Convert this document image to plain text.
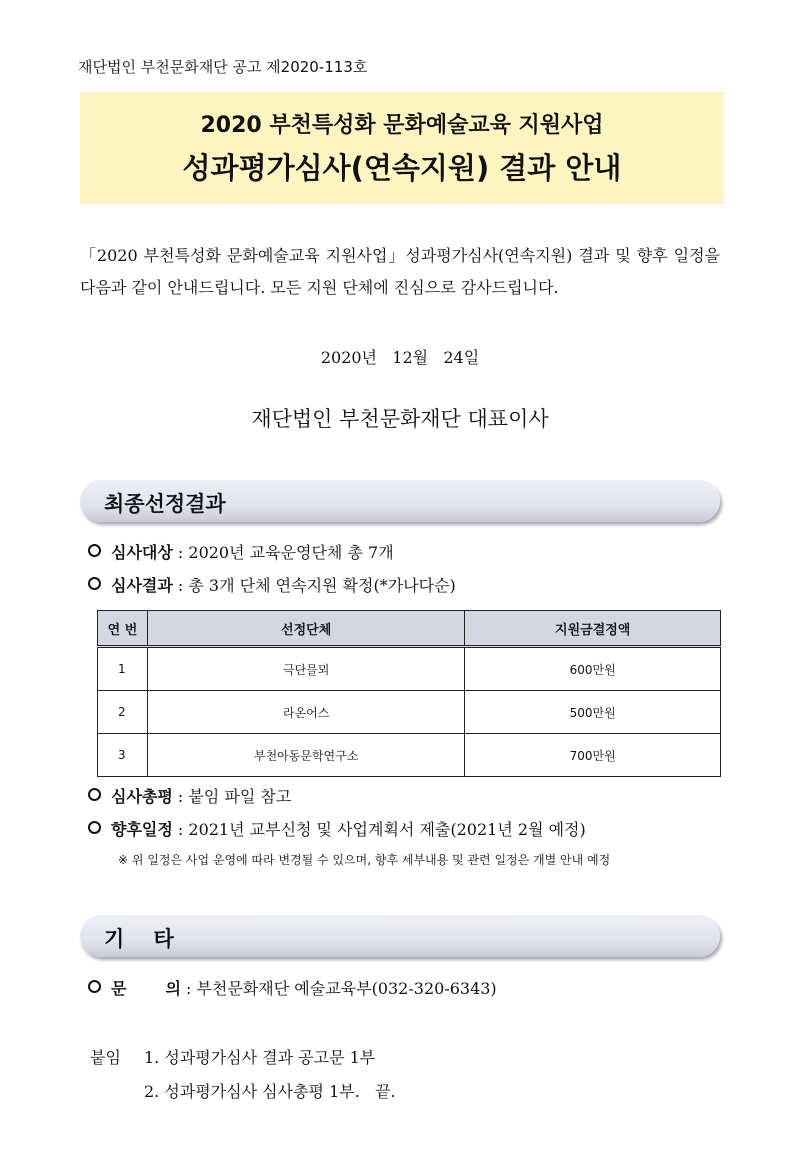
재단법인 부천문화재단 공고 제2020-113호
2020 부천특성화 문화예술교육 지원사업
성과평가심사(연속지원) 결과 안내
「2020 부천특성화 문화예술교육 지원사업」성과평가심사(연속지원) 결과 및 향후 일정을 다음과 같이 안내드립니다. 모든 지원 단체에 진심으로 감사드립니다.
2020년   12월   24일
재단법인 부천문화재단 대표이사
최종선정결과
심사대상 : 2020년 교육운영단체 총 7개
심사결과 : 총 3개 단체 연속지원 확정(*가나다순)
연 번	선정단체	지원금결정액
1	극단믈뫼	600만원
2	라온어스	500만원
3	부천아동문학연구소	700만원
심사총평 : 붙임 파일 참고
향후일정 : 2021년 교부신청 및 사업계획서 제출(2021년 2월 예정)
※ 위 일정은 사업 운영에 따라 변경될 수 있으며, 향후 세부내용 및 관련 일정은 개별 안내 예정
기    타
문       의 : 부천문화재단 예술교육부(032-320-6343)
붙임 1. 성과평가심사 결과 공고문 1부
2. 성과평가심사 심사총평 1부.   끝.
